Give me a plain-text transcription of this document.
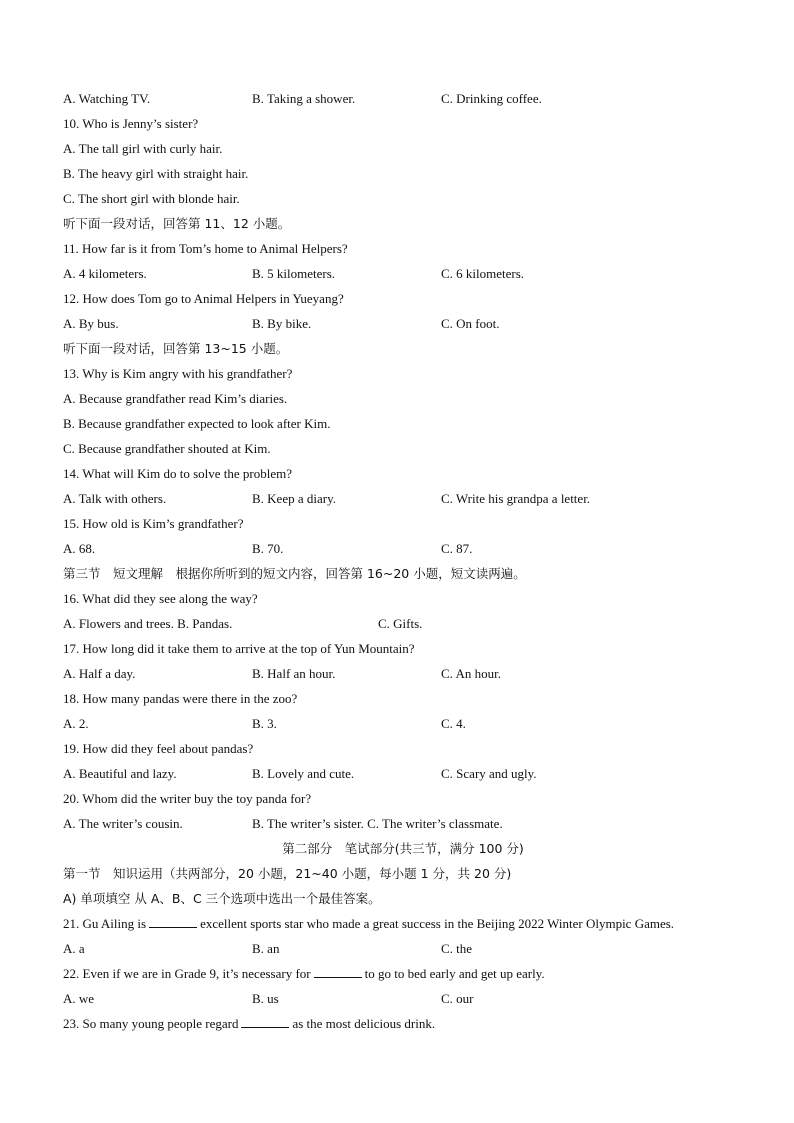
A. Watching TV.	B. Taking a shower.	C. Drinking coffee.
10. Who is Jenny’s sister?
A. The tall girl with curly hair.
B. The heavy girl with straight hair.
C. The short girl with blonde hair.
听下面一段对话，回答第 11、12 小题。
11. How far is it from Tom’s home to Animal Helpers?
A. 4 kilometers.	B. 5 kilometers.	C. 6 kilometers.
12. How does Tom go to Animal Helpers in Yueyang?
A. By bus.	B. By bike.	C. On foot.
听下面一段对话，回答第 13~15 小题。
13. Why is Kim angry with his grandfather?
A. Because grandfather read Kim’s diaries.
B. Because grandfather expected to look after Kim.
C. Because grandfather shouted at Kim.
14. What will Kim do to solve the problem?
A. Talk with others.	B. Keep a diary.	C. Write his grandpa a letter.
15. How old is Kim’s grandfather?
A. 68.	B. 70.	C. 87.
第三节　短文理解　根据你所听到的短文内容，回答第 16~20 小题，短文读两遍。
16. What did they see along the way?
A. Flowers and trees. B. Pandas.	C. Gifts.
17. How long did it take them to arrive at the top of Yun Mountain?
A. Half a day.	B. Half an hour.	C. An hour.
18. How many pandas were there in the zoo?
A. 2.	B. 3.	C. 4.
19. How did they feel about pandas?
A. Beautiful and lazy.	B. Lovely and cute.	C. Scary and ugly.
20. Whom did the writer buy the toy panda for?
A. The writer’s cousin.	B. The writer’s sister. C. The writer’s classmate.
第二部分　笔试部分(共三节，满分 100 分)
第一节　知识运用（共两部分，20 小题，21~40 小题，每小题 1 分，共 20 分)
A) 单项填空 从 A、B、C 三个选项中选出一个最佳答案。
21. Gu Ailing is	excellent sports star who made a great success in the Beijing 2022 Winter Olympic Games.
A. a	B. an	C. the
22. Even if we are in Grade 9, it’s necessary for	to go to bed early and get up early.
A. we	B. us	C. our
23. So many young people regard	as the most delicious drink.
